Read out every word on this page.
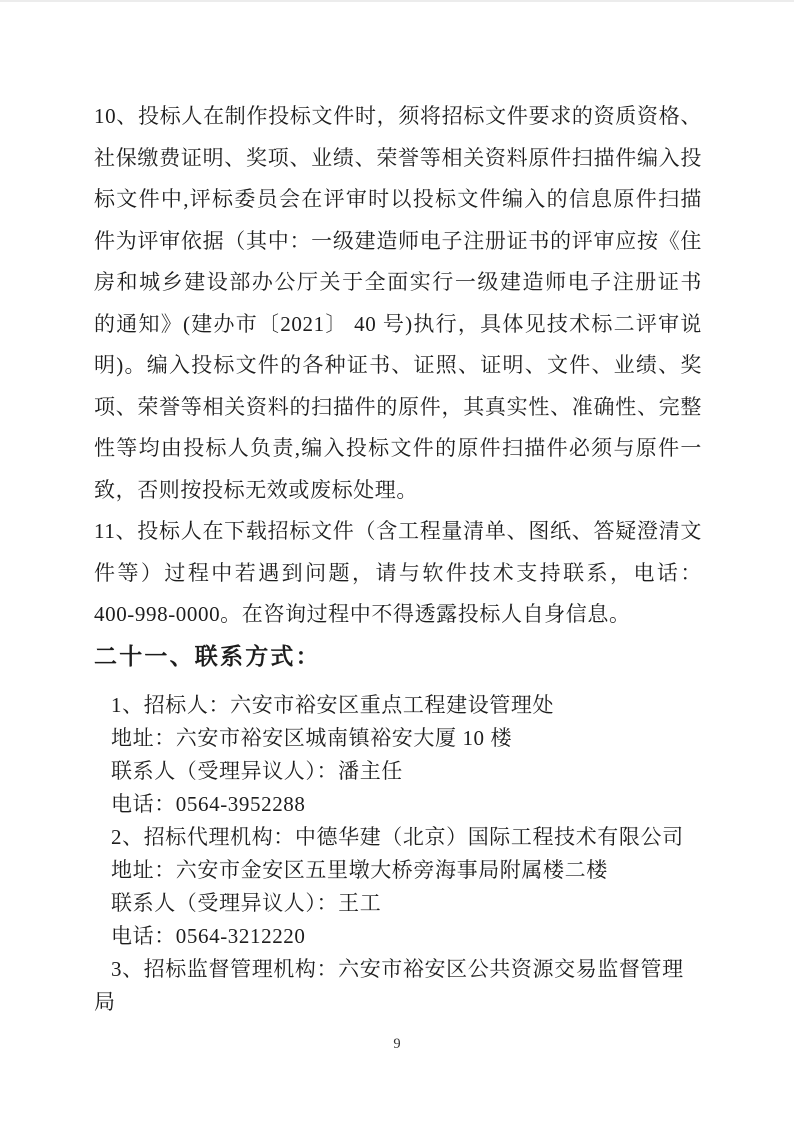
10、投标人在制作投标文件时，须将招标文件要求的资质资格、
社保缴费证明、奖项、业绩、荣誉等相关资料原件扫描件编入投
标文件中,评标委员会在评审时以投标文件编入的信息原件扫描
件为评审依据（其中：一级建造师电子注册证书的评审应按《住
房和城乡建设部办公厅关于全面实行一级建造师电子注册证书
的通知》(建办市〔2021〕 40 号)执行，具体见技术标二评审说
明)。编入投标文件的各种证书、证照、证明、文件、业绩、奖
项、荣誉等相关资料的扫描件的原件，其真实性、准确性、完整
性等均由投标人负责,编入投标文件的原件扫描件必须与原件一
致，否则按投标无效或废标处理。
11、投标人在下载招标文件（含工程量清单、图纸、答疑澄清文
件等）过程中若遇到问题，请与软件技术支持联系，电话：
400-998-0000。在咨询过程中不得透露投标人自身信息。
二十一、联系方式：
1、招标人：六安市裕安区重点工程建设管理处
地址：六安市裕安区城南镇裕安大厦 10 楼
联系人（受理异议人）：潘主任
电话：0564-3952288
2、招标代理机构：中德华建（北京）国际工程技术有限公司
地址：六安市金安区五里墩大桥旁海事局附属楼二楼
联系人（受理异议人）：王工
电话：0564-3212220
3、招标监督管理机构：六安市裕安区公共资源交易监督管理局
9
